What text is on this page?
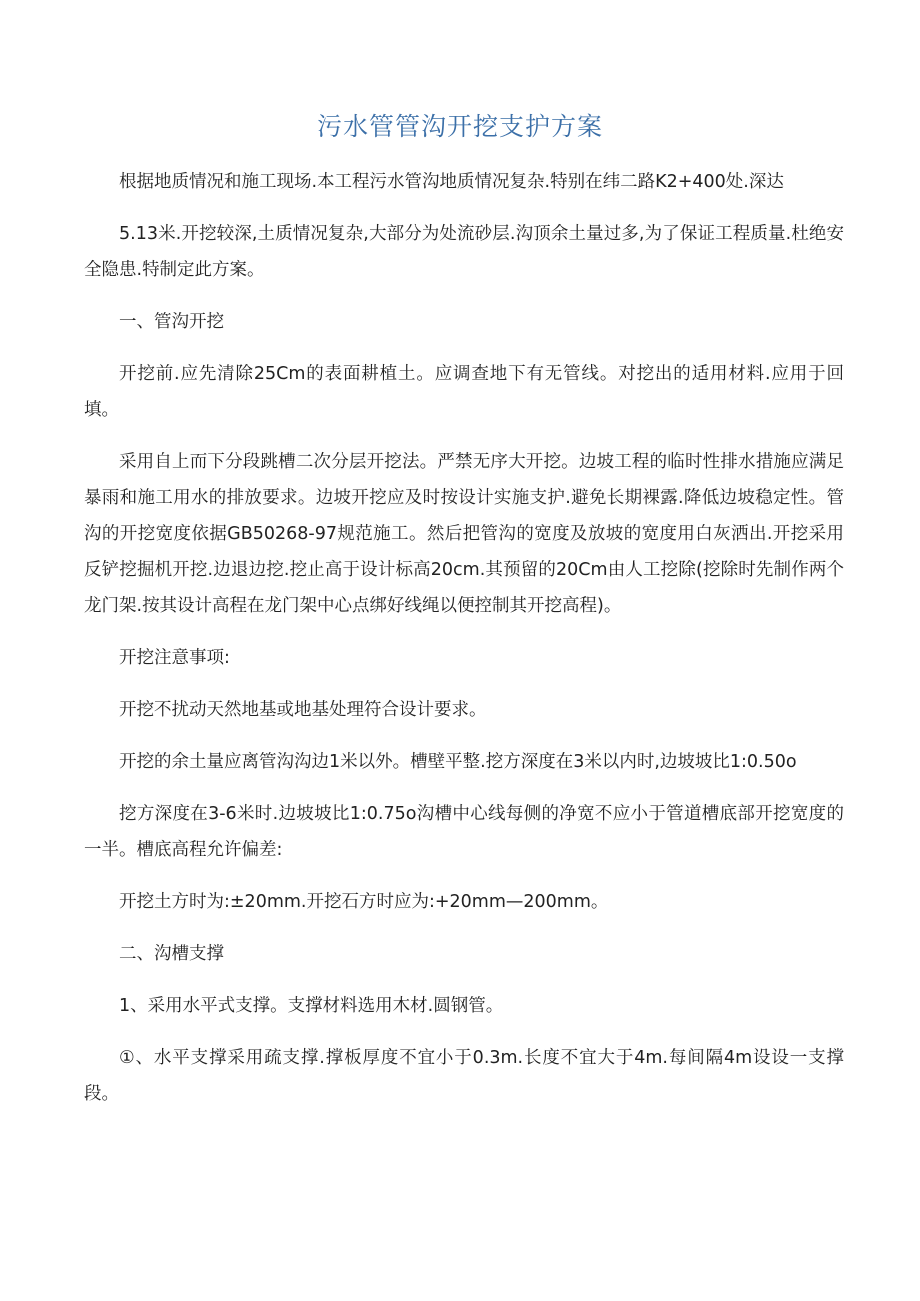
污水管管沟开挖支护方案

根据地质情况和施工现场.本工程污水管沟地质情况复杂.特别在纬二路K2+400处.深达

5.13米.开挖较深,土质情况复杂,大部分为处流砂层.沟顶余土量过多,为了保证工程质量.杜绝安全隐患.特制定此方案。

一、管沟开挖

开挖前.应先清除25Cm的表面耕植土。应调查地下有无管线。对挖出的适用材料.应用于回填。

采用自上而下分段跳槽二次分层开挖法。严禁无序大开挖。边坡工程的临时性排水措施应满足暴雨和施工用水的排放要求。边坡开挖应及时按设计实施支护.避免长期裸露.降低边坡稳定性。管沟的开挖宽度依据GB50268-97规范施工。然后把管沟的宽度及放坡的宽度用白灰洒出.开挖采用反铲挖掘机开挖.边退边挖.挖止高于设计标高20cm.其预留的20Cm由人工挖除(挖除时先制作两个龙门架.按其设计高程在龙门架中心点绑好线绳以便控制其开挖高程)。

开挖注意事项:

开挖不扰动天然地基或地基处理符合设计要求。

开挖的余土量应离管沟沟边1米以外。槽壁平整.挖方深度在3米以内时,边坡坡比1:0.50o

挖方深度在3-6米时.边坡坡比1:0.75o沟槽中心线每侧的净宽不应小于管道槽底部开挖宽度的一半。槽底高程允许偏差:

开挖土方时为:±20mm.开挖石方时应为:+20mm—200mm。

二、沟槽支撑

1、采用水平式支撑。支撑材料选用木材.圆钢管。

①、水平支撑采用疏支撑.撑板厚度不宜小于0.3m.长度不宜大于4m.每间隔4m设设一支撑段。
